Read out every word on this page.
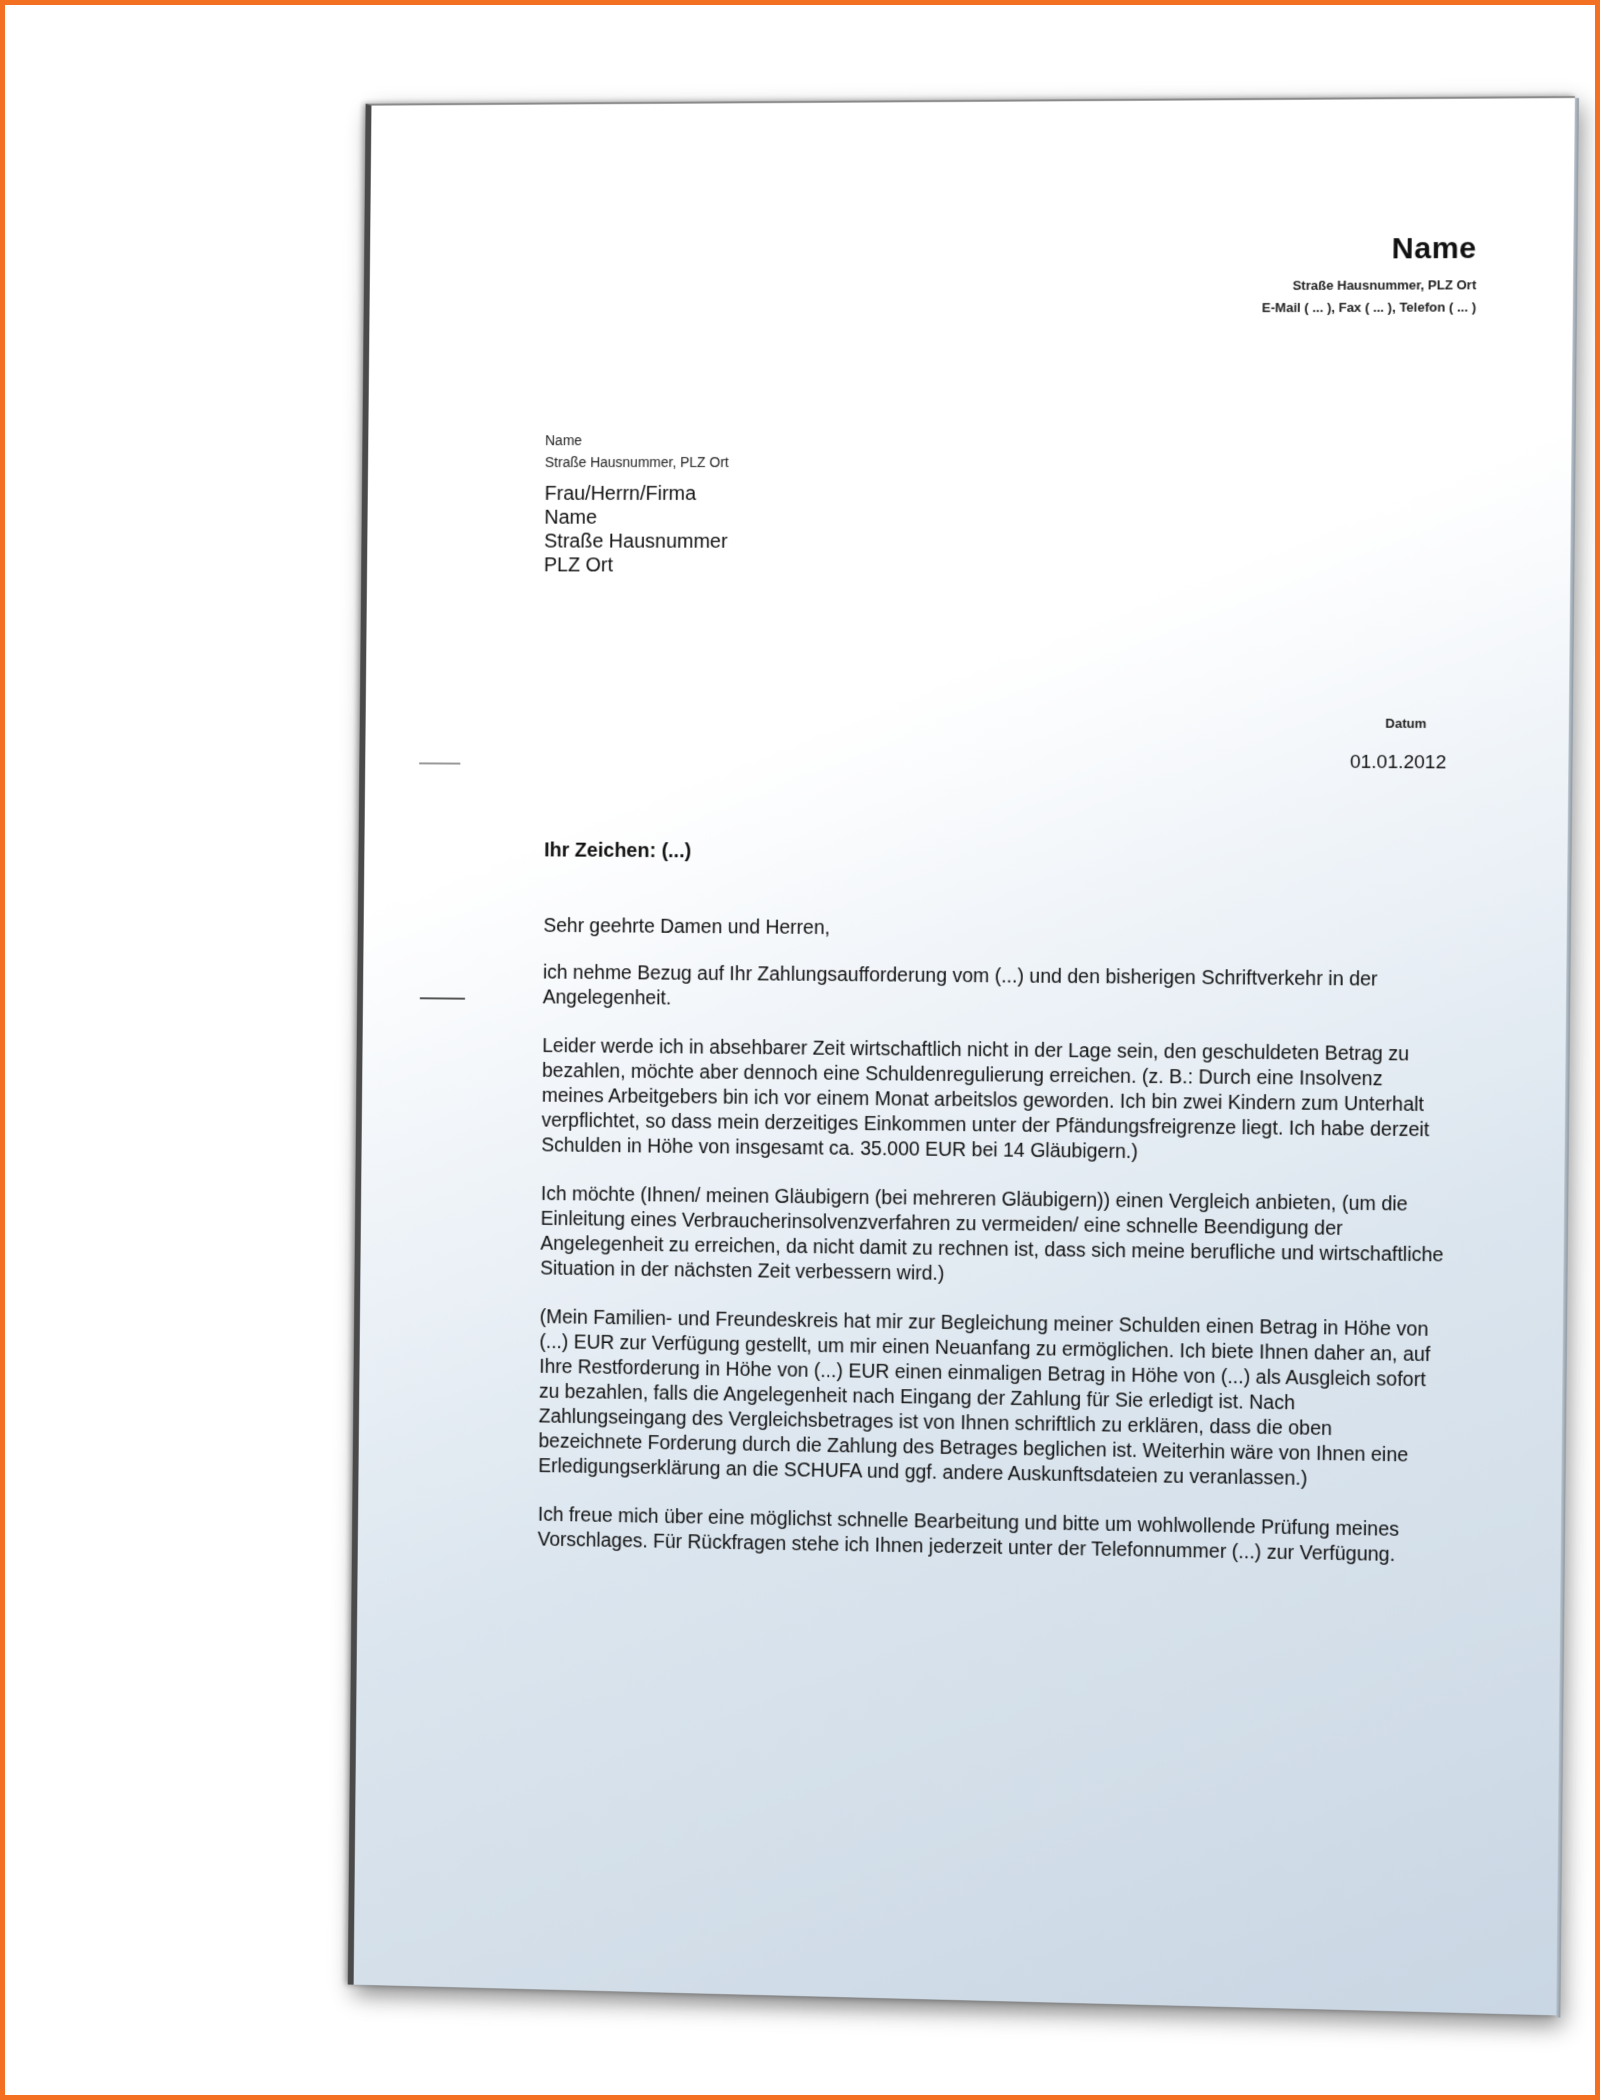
Name
Straße Hausnummer, PLZ Ort
E-Mail ( ... ), Fax ( ... ), Telefon ( ... )
Name
Straße Hausnummer, PLZ Ort
Frau/Herrn/Firma
Name
Straße Hausnummer
PLZ Ort
Datum
01.01.2012
Ihr Zeichen: (...)

Sehr geehrte Damen und Herren,

ich nehme Bezug auf Ihr Zahlungsaufforderung vom (...) und den bisherigen Schriftverkehr in der Angelegenheit.

Leider werde ich in absehbarer Zeit wirtschaftlich nicht in der Lage sein, den geschuldeten Betrag zu bezahlen, möchte aber dennoch eine Schuldenregulierung erreichen. (z. B.: Durch eine Insolvenz meines Arbeitgebers bin ich vor einem Monat arbeitslos geworden. Ich bin zwei Kindern zum Unterhalt verpflichtet, so dass mein derzeitiges Einkommen unter der Pfändungsfreigrenze liegt. Ich habe derzeit Schulden in Höhe von insgesamt ca. 35.000 EUR bei 14 Gläubigern.)

Ich möchte (Ihnen/ meinen Gläubigern (bei mehreren Gläubigern)) einen Vergleich anbieten, (um die Einleitung eines Verbraucherinsolvenzverfahren zu vermeiden/ eine schnelle Beendigung der Angelegenheit zu erreichen, da nicht damit zu rechnen ist, dass sich meine berufliche und wirtschaftliche Situation in der nächsten Zeit verbessern wird.)

(Mein Familien- und Freundeskreis hat mir zur Begleichung meiner Schulden einen Betrag in Höhe von (...) EUR zur Verfügung gestellt, um mir einen Neuanfang zu ermöglichen. Ich biete Ihnen daher an, auf Ihre Restforderung in Höhe von (...) EUR einen einmaligen Betrag in Höhe von (...) als Ausgleich sofort zu bezahlen, falls die Angelegenheit nach Eingang der Zahlung für Sie erledigt ist. Nach Zahlungseingang des Vergleichsbetrages ist von Ihnen schriftlich zu erklären, dass die oben bezeichnete Forderung durch die Zahlung des Betrages beglichen ist. Weiterhin wäre von Ihnen eine Erledigungserklärung an die SCHUFA und ggf. andere Auskunftsdateien zu veranlassen.)

Ich freue mich über eine möglichst schnelle Bearbeitung und bitte um wohlwollende Prüfung meines Vorschlages. Für Rückfragen stehe ich Ihnen jederzeit unter der Telefonnummer (...) zur Verfügung.
